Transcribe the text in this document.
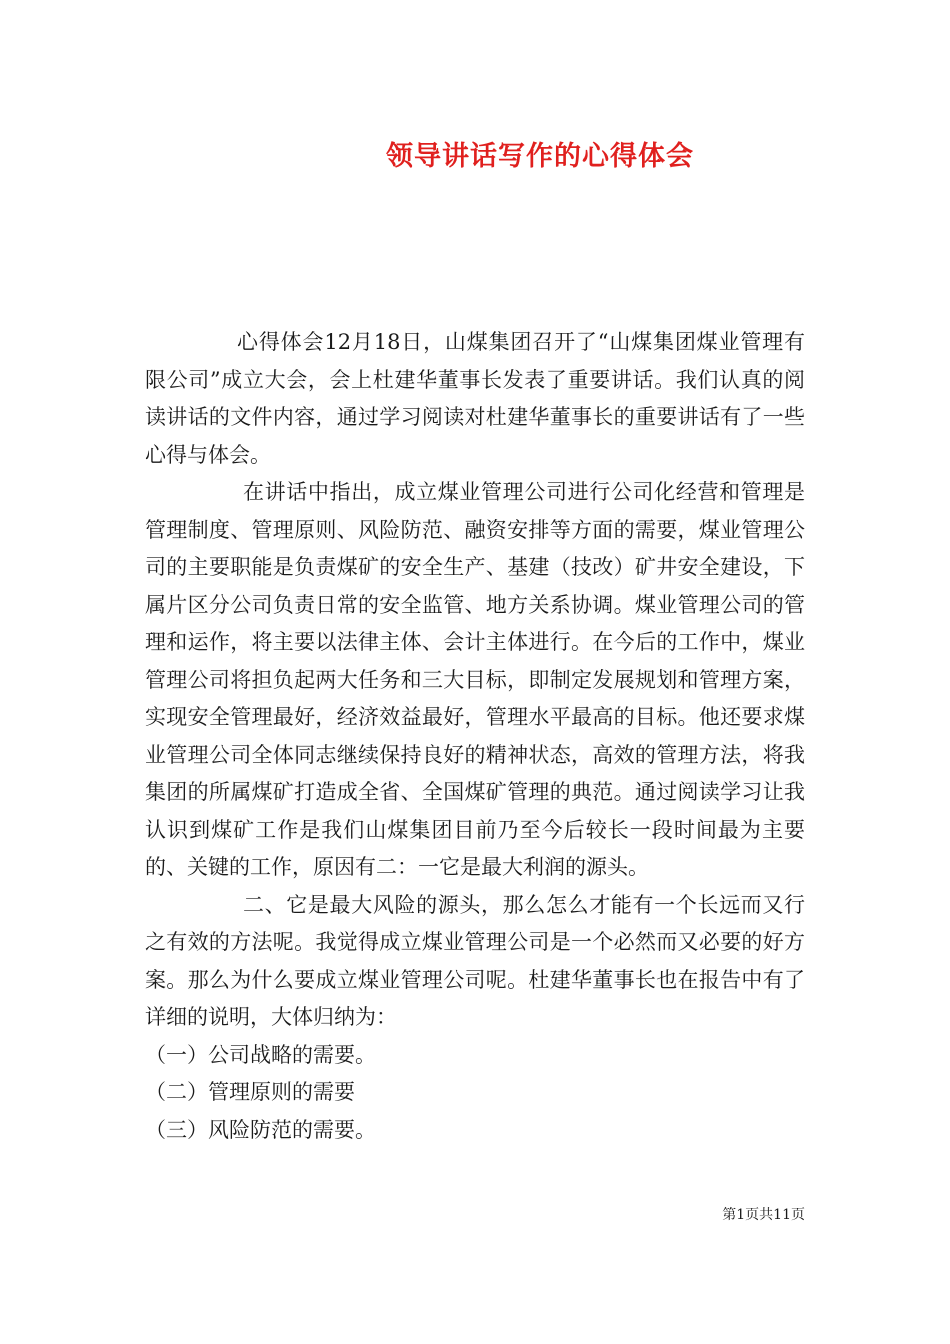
领导讲话写作的心得体会

心得体会12月18日，山煤集团召开了“山煤集团煤业管理有限公司”成立大会，会上杜建华董事长发表了重要讲话。我们认真的阅读讲话的文件内容，通过学习阅读对杜建华董事长的重要讲话有了一些心得与体会。

在讲话中指出，成立煤业管理公司进行公司化经营和管理是管理制度、管理原则、风险防范、融资安排等方面的需要，煤业管理公司的主要职能是负责煤矿的安全生产、基建（技改）矿井安全建设，下属片区分公司负责日常的安全监管、地方关系协调。煤业管理公司的管理和运作，将主要以法律主体、会计主体进行。在今后的工作中，煤业管理公司将担负起两大任务和三大目标，即制定发展规划和管理方案，实现安全管理最好，经济效益最好，管理水平最高的目标。他还要求煤业管理公司全体同志继续保持良好的精神状态，高效的管理方法，将我集团的所属煤矿打造成全省、全国煤矿管理的典范。通过阅读学习让我认识到煤矿工作是我们山煤集团目前乃至今后较长一段时间最为主要的、关键的工作，原因有二：一它是最大利润的源头。

二、它是最大风险的源头，那么怎么才能有一个长远而又行之有效的方法呢。我觉得成立煤业管理公司是一个必然而又必要的好方案。那么为什么要成立煤业管理公司呢。杜建华董事长也在报告中有了详细的说明，大体归纳为：

（一）公司战略的需要。

（二）管理原则的需要

（三）风险防范的需要。

第1页共11页
